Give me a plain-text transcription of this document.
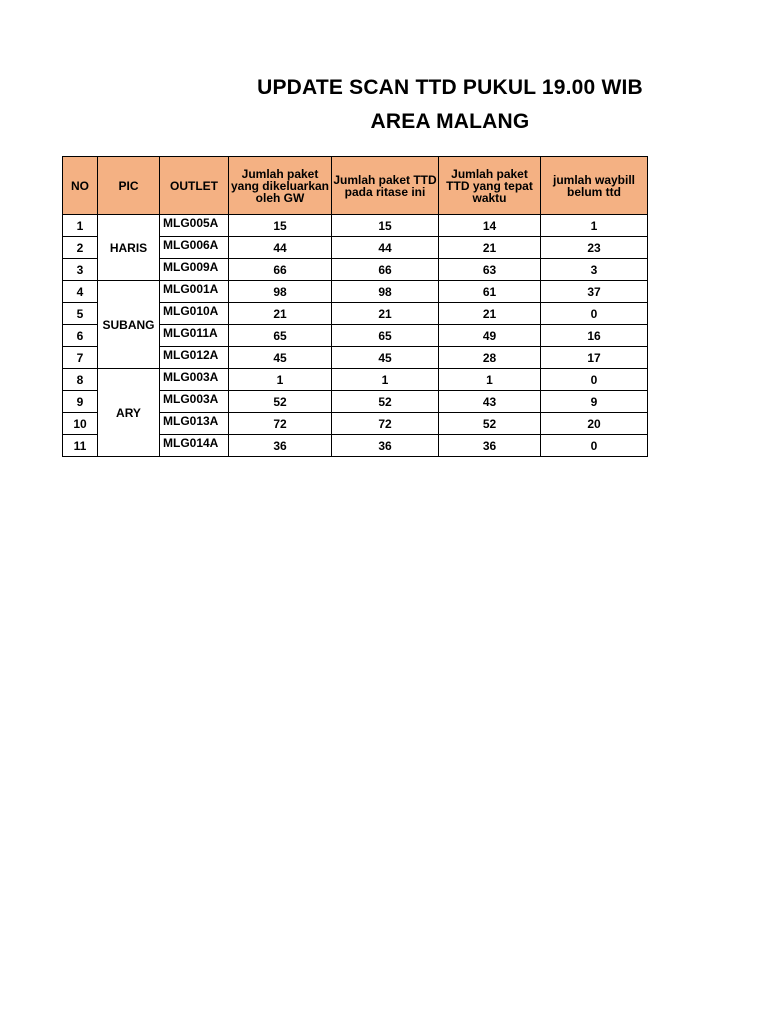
UPDATE SCAN TTD PUKUL 19.00 WIB
AREA MALANG
NO	PIC	OUTLET	Jumlah paket
yang dikeluarkan
oleh GW	Jumlah paket TTD
pada ritase ini	Jumlah paket
TTD yang tepat
waktu	jumlah waybill
belum ttd
1	HARIS	MLG005A	15	15	14	1
2		MLG006A	44	44	21	23
3		MLG009A	66	66	63	3
4	SUBANG	MLG001A	98	98	61	37
5		MLG010A	21	21	21	0
6		MLG011A	65	65	49	16
7		MLG012A	45	45	28	17
8	ARY	MLG003A	1	1	1	0
9		MLG003A	52	52	43	9
10		MLG013A	72	72	52	20
11		MLG014A	36	36	36	0
